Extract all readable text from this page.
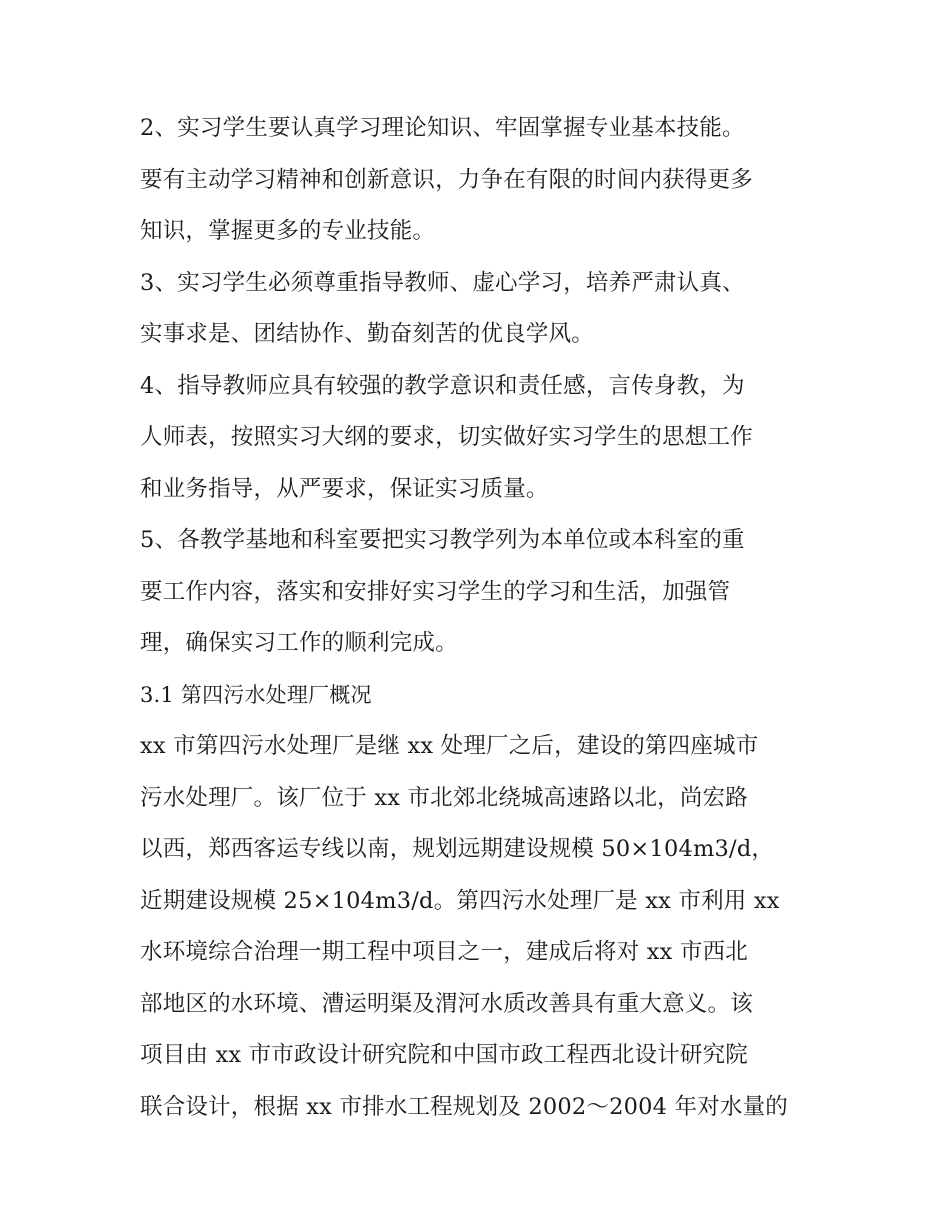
2、实习学生要认真学习理论知识、牢固掌握专业基本技能。
要有主动学习精神和创新意识，力争在有限的时间内获得更多
知识，掌握更多的专业技能。
3、实习学生必须尊重指导教师、虚心学习，培养严肃认真、
实事求是、团结协作、勤奋刻苦的优良学风。
4、指导教师应具有较强的教学意识和责任感，言传身教，为
人师表，按照实习大纲的要求，切实做好实习学生的思想工作
和业务指导，从严要求，保证实习质量。
5、各教学基地和科室要把实习教学列为本单位或本科室的重
要工作内容，落实和安排好实习学生的学习和生活，加强管
理，确保实习工作的顺利完成。
3.1 第四污水处理厂概况
xx 市第四污水处理厂是继 xx 处理厂之后，建设的第四座城市
污水处理厂。该厂位于 xx 市北郊北绕城高速路以北，尚宏路
以西，郑西客运专线以南，规划远期建设规模 50×104m3/d，
近期建设规模 25×104m3/d。第四污水处理厂是 xx 市利用 xx
水环境综合治理一期工程中项目之一，建成后将对 xx 市西北
部地区的水环境、漕运明渠及渭河水质改善具有重大意义。该
项目由 xx 市市政设计研究院和中国市政工程西北设计研究院
联合设计，根据 xx 市排水工程规划及 2002～2004 年对水量的
